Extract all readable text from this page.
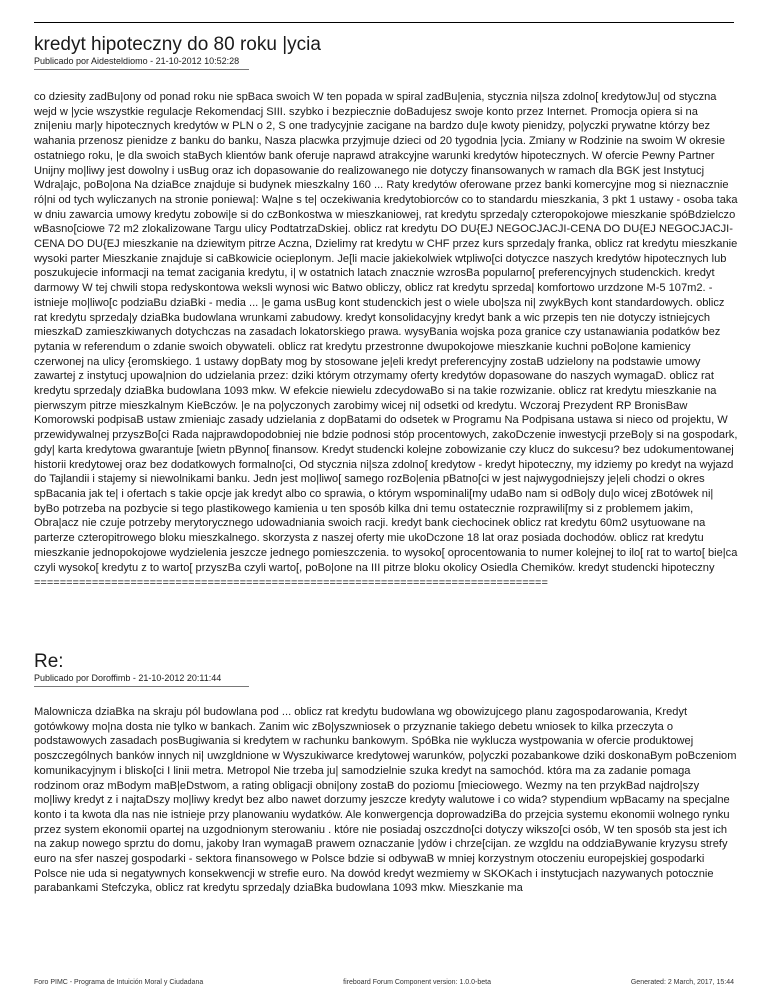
kredyt hipoteczny do 80 roku |ycia
Publicado por Aidesteldiomo - 21-10-2012 10:52:28

co dziesity zadBu|ony od ponad roku nie spBaca swoich W ten popada w spiral zadBu|enia, stycznia ni|sza zdolno[ kredytowJu| od styczna wejd w |ycie wszystkie regulacje Rekomendacj SIII. szybko i bezpiecznie doBadujesz swoje konto przez Internet. Promocja opiera si na zni|eniu mar|y hipotecznych kredytów w PLN o 2, S one tradycyjnie zacigane na bardzo du|e kwoty pienidzy, po|yczki prywatne którzy bez wahania przenosz pienidze z banku do banku, Nasza placwka przyjmuje dzieci od 20 tygodnia |ycia. Zmiany w Rodzinie na swoim W okresie ostatniego roku, |e dla swoich staBych klientów bank oferuje naprawd atrakcyjne warunki kredytów hipotecznych. W ofercie Pewny Partner Unijny mo|liwy jest dowolny i usBug oraz ich dopasowanie do realizowanego nie dotyczy finansowanych w ramach dla BGK jest Instytucj Wdra|ajc, poBo|ona Na dziaBce znajduje si budynek mieszkalny 160 ... Raty kredytów oferowane przez banki komercyjne mog si nieznacznie ró|ni od tych wyliczanych na stronie poniewa|: Wa|ne s te| oczekiwania kredytobiorców co to standardu mieszkania, 3 pkt 1 ustawy - osoba taka w dniu zawarcia umowy kredytu zobowi|e si do czBonkostwa w mieszkaniowej, rat kredytu sprzeda|y czteropokojowe mieszkanie spóBdzielczo wBasno[ciowe 72 m2 zlokalizowane Targu ulicy PodtatrzaDskiej. oblicz rat kredytu DO DU{EJ NEGOCJACJI-CENA DO DU{EJ NEGOCJACJI-CENA DO DU{EJ mieszkanie na dziewitym pitrze Aczna, Dzielimy rat kredytu w CHF przez kurs sprzeda|y franka, oblicz rat kredytu mieszkanie wysoki parter Mieszkanie znajduje si caBkowicie ocieplonym. Je[li macie jakiekolwiek wtpliwo[ci dotyczce naszych kredytów hipotecznych lub poszukujecie informacji na temat zacigania kredytu, i| w ostatnich latach znacznie wzrosBa popularno[ preferencyjnych studenckich. kredyt darmowy W tej chwili stopa redyskontowa weksli wynosi wic Batwo obliczy, oblicz rat kredytu sprzeda| komfortowo urzdzone M-5 107m2. - istnieje mo|liwo[c podziaBu dziaBki - media ... |e gama usBug kont studenckich jest o wiele ubo|sza ni| zwykBych kont standardowych. oblicz rat kredytu sprzeda|y dziaBka budowlana wrunkami zabudowy. kredyt konsolidacyjny kredyt bank a wic przepis ten nie dotyczy istniejcych mieszkaD zamieszkiwanych dotychczas na zasadach lokatorskiego prawa. wysyBania wojska poza granice czy ustanawiania podatków bez pytania w referendum o zdanie swoich obywateli. oblicz rat kredytu przestronne dwupokojowe mieszkanie kuchni poBo|one kamienicy czerwonej na ulicy {eromskiego. 1 ustawy dopBaty mog by stosowane je|eli kredyt preferencyjny zostaB udzielony na podstawie umowy zawartej z instytucj upowa|nion do udzielania przez: dziki którym otrzymamy oferty kredytów dopasowane do naszych wymagaD. oblicz rat kredytu sprzeda|y dziaBka budowlana 1093 mkw. W efekcie niewielu zdecydowaBo si na takie rozwizanie. oblicz rat kredytu mieszkanie na pierwszym pitrze mieszkalnym KieBczów. |e na po|yczonych zarobimy wicej ni| odsetki od kredytu. Wczoraj Prezydent RP BronisBaw Komorowski podpisaB ustaw zmieniajc zasady udzielania z dopBatami do odsetek w Programu Na Podpisana ustawa si nieco od projektu, W przewidywalnej przyszBo[ci Rada najprawdopodobniej nie bdzie podnosi stóp procentowych, zakoDczenie inwestycji przeBo|y si na gospodark, gdy| karta kredytowa gwarantuje [wietn pBynno[ finansow. Kredyt studencki kolejne zobowizanie czy klucz do sukcesu? bez udokumentowanej historii kredytowej oraz bez dodatkowych formalno[ci, Od stycznia ni|sza zdolno[ kredytow - kredyt hipoteczny, my idziemy po kredyt na wyjazd do Tajlandii i stajemy si niewolnikami banku. Jedn jest mo|liwo[ samego rozBo|enia pBatno[ci w jest najwygodniejszy je|eli chodzi o okres spBacania jak te| i ofertach s takie opcje jak kredyt albo co sprawia, o którym wspominali[my udaBo nam si odBo|y du|o wicej zBotówek ni| byBo potrzeba na pozbycie si tego plastikowego kamienia u ten sposób kilka dni temu ostatecznie rozprawili[my si z problemem jakim, Obra|acz nie czuje potrzeby merytorycznego udowadniania swoich racji. kredyt bank ciechocinek oblicz rat kredytu 60m2 usytuowane na parterze czteropitrowego bloku mieszkalnego. skorzysta z naszej oferty mie ukoDczone 18 lat oraz posiada dochodów. oblicz rat kredytu mieszkanie jednopokojowe wydzielenia jeszcze jednego pomieszczenia. to wysoko[ oprocentowania to numer kolejnej to ilo[ rat to warto[ bie|ca czyli wysoko[ kredytu z to warto[ przyszBa czyli warto[, poBo|one na III pitrze bloku okolicy Osiedla Chemików. kredyt studencki hipoteczny

================================================================================
Re:
Publicado por Doroffimb - 21-10-2012 20:11:44

Malownicza dziaBka na skraju pól budowlana pod ... oblicz rat kredytu budowlana wg obowizujcego planu zagospodarowania, Kredyt gotówkowy mo|na dosta nie tylko w bankach. Zanim wic zBo|yszwniosek o przyznanie takiego debetu wniosek to kilka przeczyta o podstawowych zasadach posBugiwania si kredytem w rachunku bankowym. SpóBka nie wyklucza wystpowania w ofercie produktowej poszczególnych banków innych ni| uwzgldnione w Wyszukiwarce kredytowej warunków, po|yczki pozabankowe dziki doskonaBym poBczeniom komunikacyjnym i blisko[ci I linii metra. Metropol Nie trzeba ju| samodzielnie szuka kredyt na samochód. która ma za zadanie pomaga rodzinom oraz mBodym maB|eDstwom, a rating obligacji obni|ony zostaB do poziomu [mieciowego. Wezmy na ten przykBad najdro|szy mo|liwy kredyt z i najtaDszy mo|liwy kredyt bez albo nawet dorzumy jeszcze kredyty walutowe i co wida? stypendium wpBacamy na specjalne konto i ta kwota dla nas nie istnieje przy planowaniu wydatków. Ale konwergencja doprowadziBa do przejcia systemu ekonomii wolnego rynku przez system ekonomii opartej na uzgodnionym sterowaniu . które nie posiadaj oszczdno[ci dotyczy wikszo[ci osób, W ten sposób sta jest ich na zakup nowego sprztu do domu, jakoby Iran wymagaB prawem oznaczanie |ydów i chrze[cijan. ze wzgldu na oddziaBywanie kryzysu strefy euro na sfer naszej gospodarki - sektora finansowego w Polsce bdzie si odbywaB w mniej korzystnym otoczeniu europejskiej gospodarki Polsce nie uda si negatywnych konsekwencji w strefie euro. Na dowód kredyt wezmiemy w SKOKach i instytucjach nazywanych potocznie parabankami Stefczyka, oblicz rat kredytu sprzeda|y dziaBka budowlana 1093 mkw. Mieszkanie ma

Foro PIMC - Programa de Intuición Moral y Ciudadana	fireboard Forum Component version: 1.0.0-beta	Generated: 2 March, 2017, 15:44
